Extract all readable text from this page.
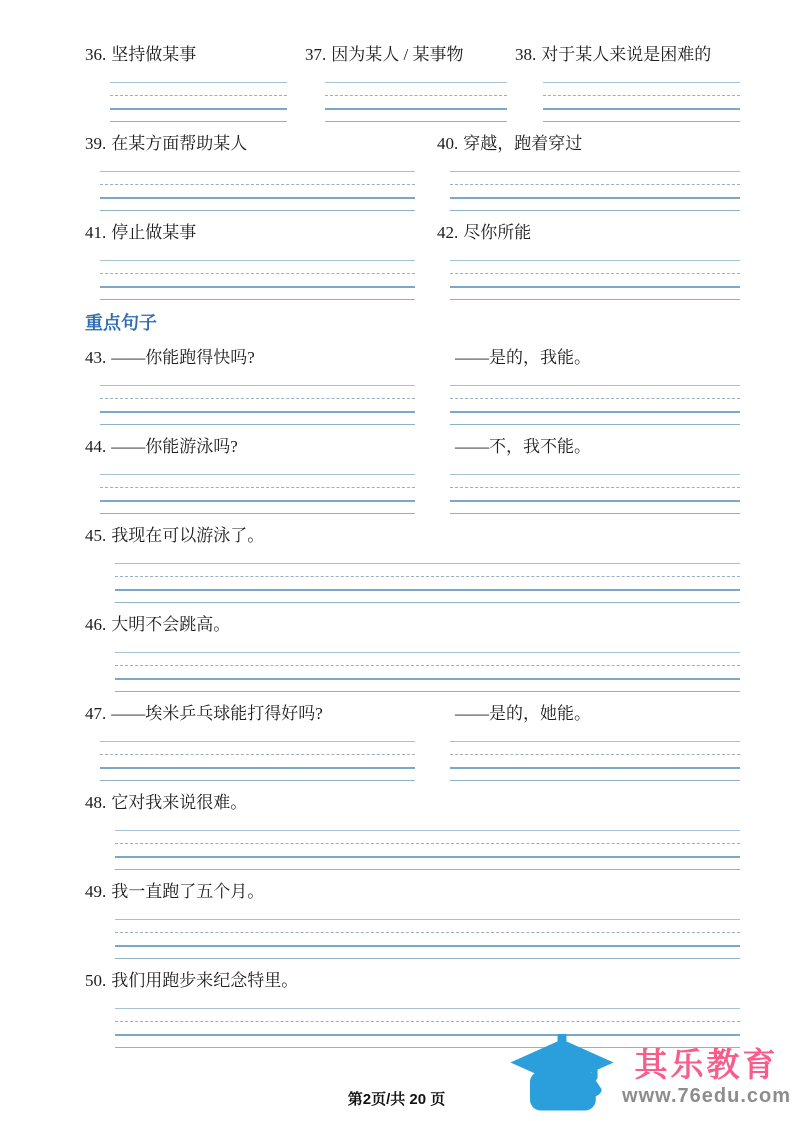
36. 坚持做某事	37. 因为某人 / 某事物	38. 对于某人来说是困难的
39. 在某方面帮助某人	40. 穿越，跑着穿过
41. 停止做某事	42. 尽你所能
重点句子
43. ——你能跑得快吗?	——是的，我能。
44. ——你能游泳吗?	——不，我不能。
45. 我现在可以游泳了。
46. 大明不会跳高。
47. ——埃米乒乓球能打得好吗?	——是的，她能。
48. 它对我来说很难。
49. 我一直跑了五个月。
50. 我们用跑步来纪念特里。
第2页/共 20 页
其乐教育
www.76edu.com
